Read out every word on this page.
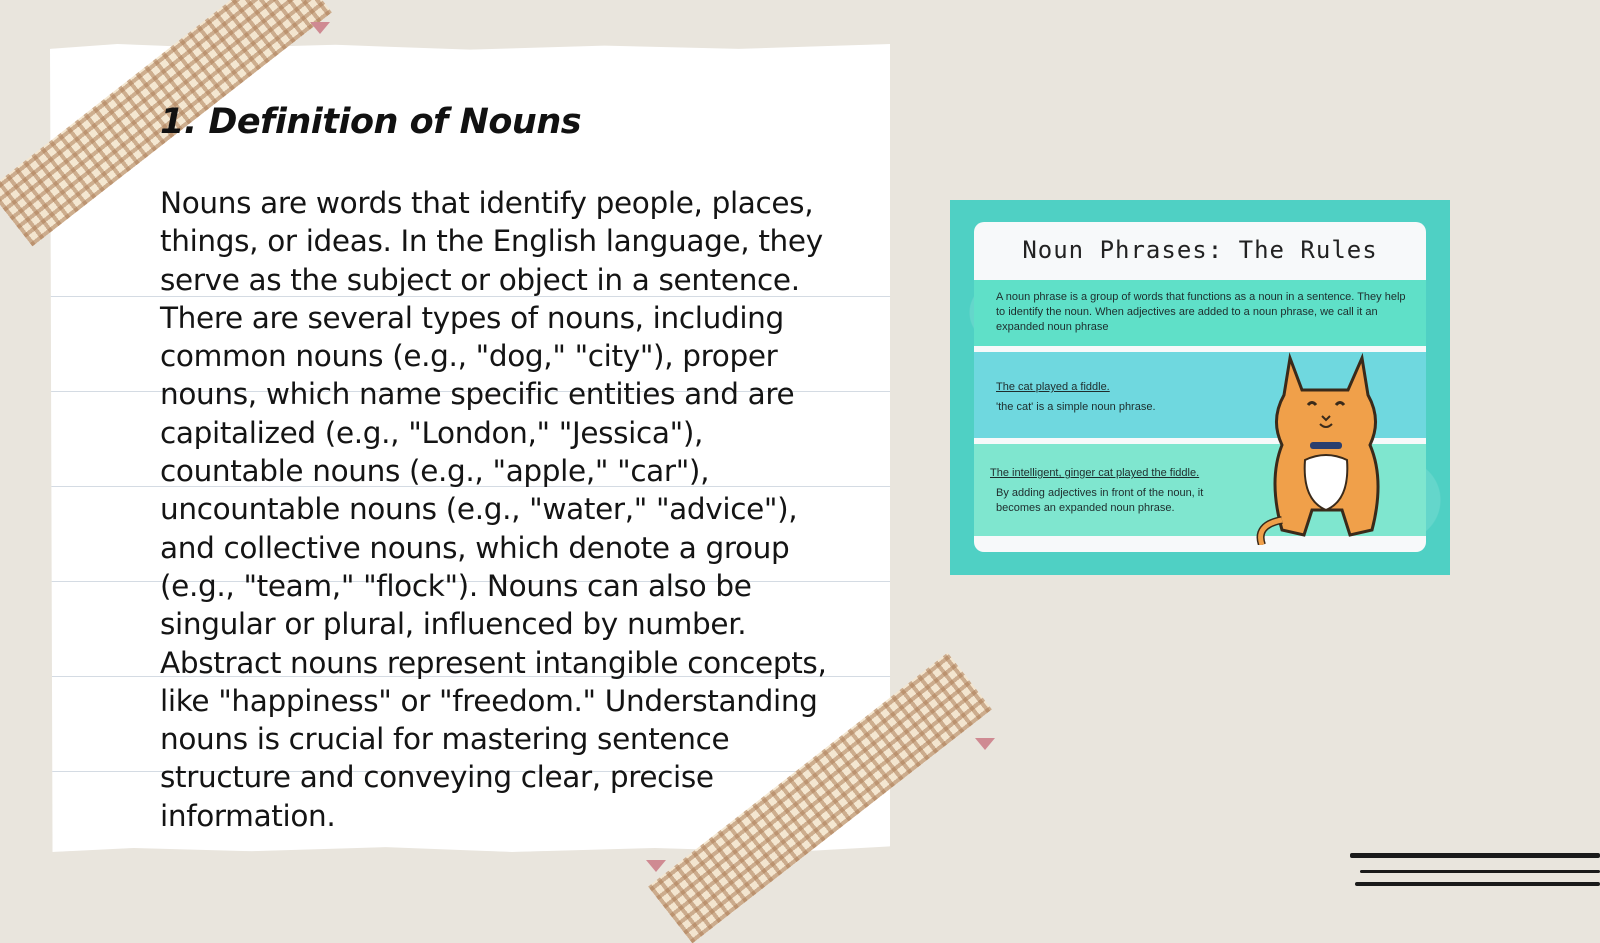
1. Definition of Nouns

Nouns are words that identify people, places, things, or ideas. In the English language, they serve as the subject or object in a sentence. There are several types of nouns, including common nouns (e.g., "dog," "city"), proper nouns, which name specific entities and are capitalized (e.g., "London," "Jessica"), countable nouns (e.g., "apple," "car"), uncountable nouns (e.g., "water," "advice"), and collective nouns, which denote a group (e.g., "team," "flock"). Nouns can also be singular or plural, influenced by number. Abstract nouns represent intangible concepts, like "happiness" or "freedom." Understanding nouns is crucial for mastering sentence structure and conveying clear, precise information.

Noun Phrases: The Rules

A noun phrase is a group of words that functions as a noun in a sentence. They help to identify the noun. When adjectives are added to a noun phrase, we call it an expanded noun phrase

The cat played a fiddle.

'the cat' is a simple noun phrase.

The intelligent, ginger cat played the fiddle.

By adding adjectives in front of the noun, it becomes an expanded noun phrase.
